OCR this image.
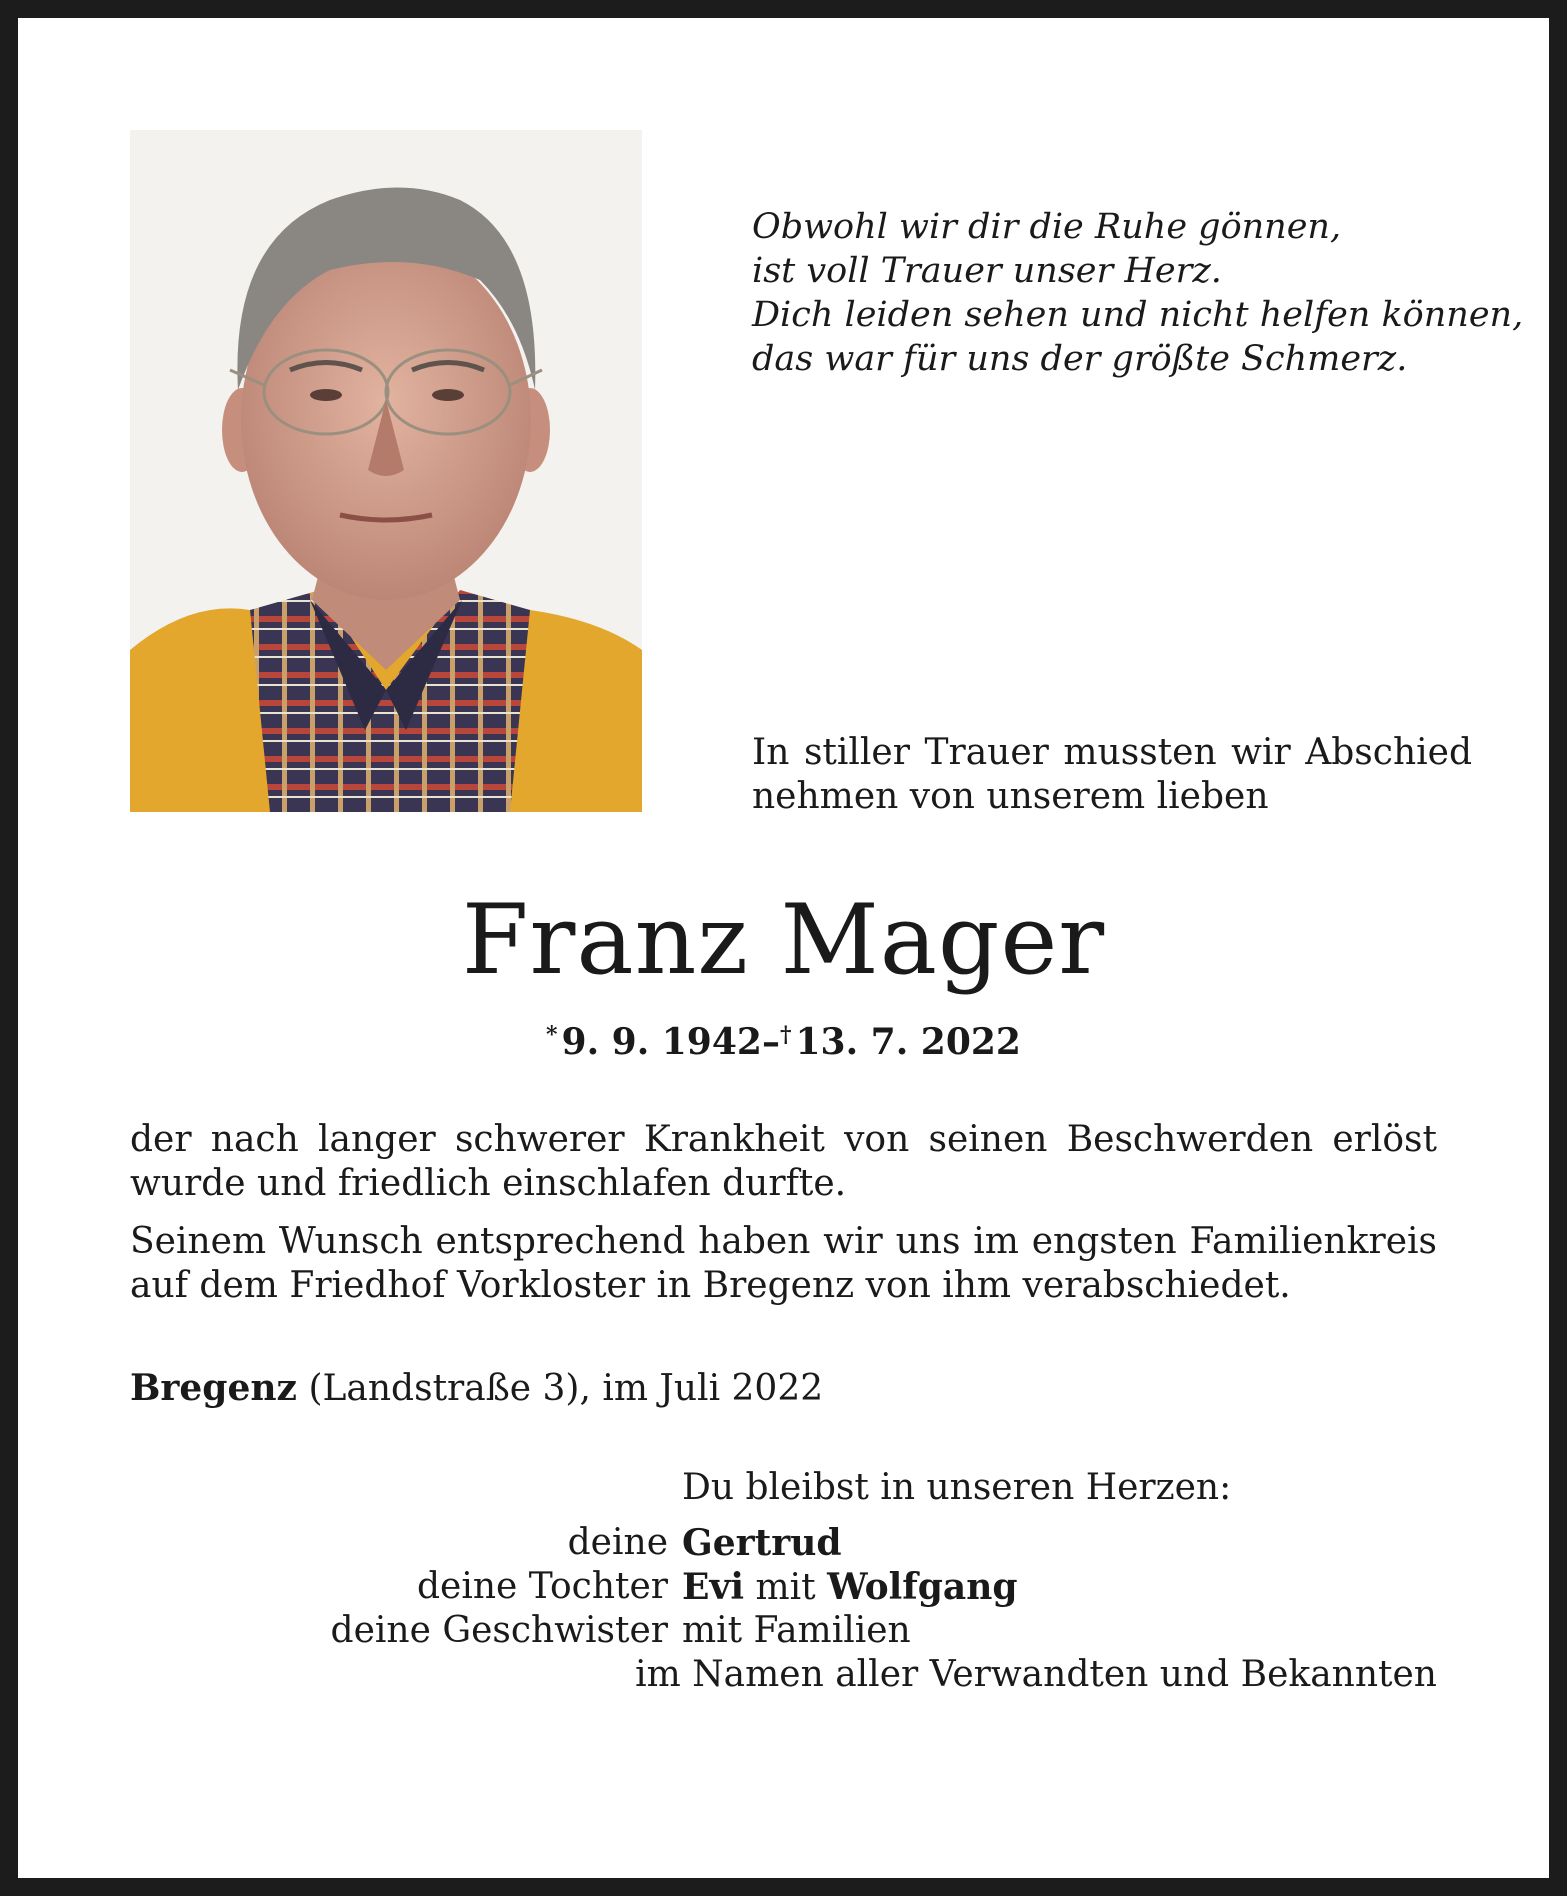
Obwohl wir dir die Ruhe gönnen,
ist voll Trauer unser Herz.
Dich leiden sehen und nicht helfen können,
das war für uns der größte Schmerz.
In stiller Trauer mussten wir Abschied nehmen von unserem lieben
Franz Mager
* 9. 9. 1942–† 13. 7. 2022
der nach langer schwerer Krankheit von seinen Beschwerden erlöst wurde und friedlich einschlafen durfte.
Seinem Wunsch entsprechend haben wir uns im engsten Familienkreis auf dem Friedhof Vorkloster in Bregenz von ihm verabschiedet.
Bregenz (Landstraße 3), im Juli 2022
Du bleibst in unseren Herzen:
deine Gertrud
deine Tochter Evi mit Wolfgang
deine Geschwister mit Familien
im Namen aller Verwandten und Bekannten
